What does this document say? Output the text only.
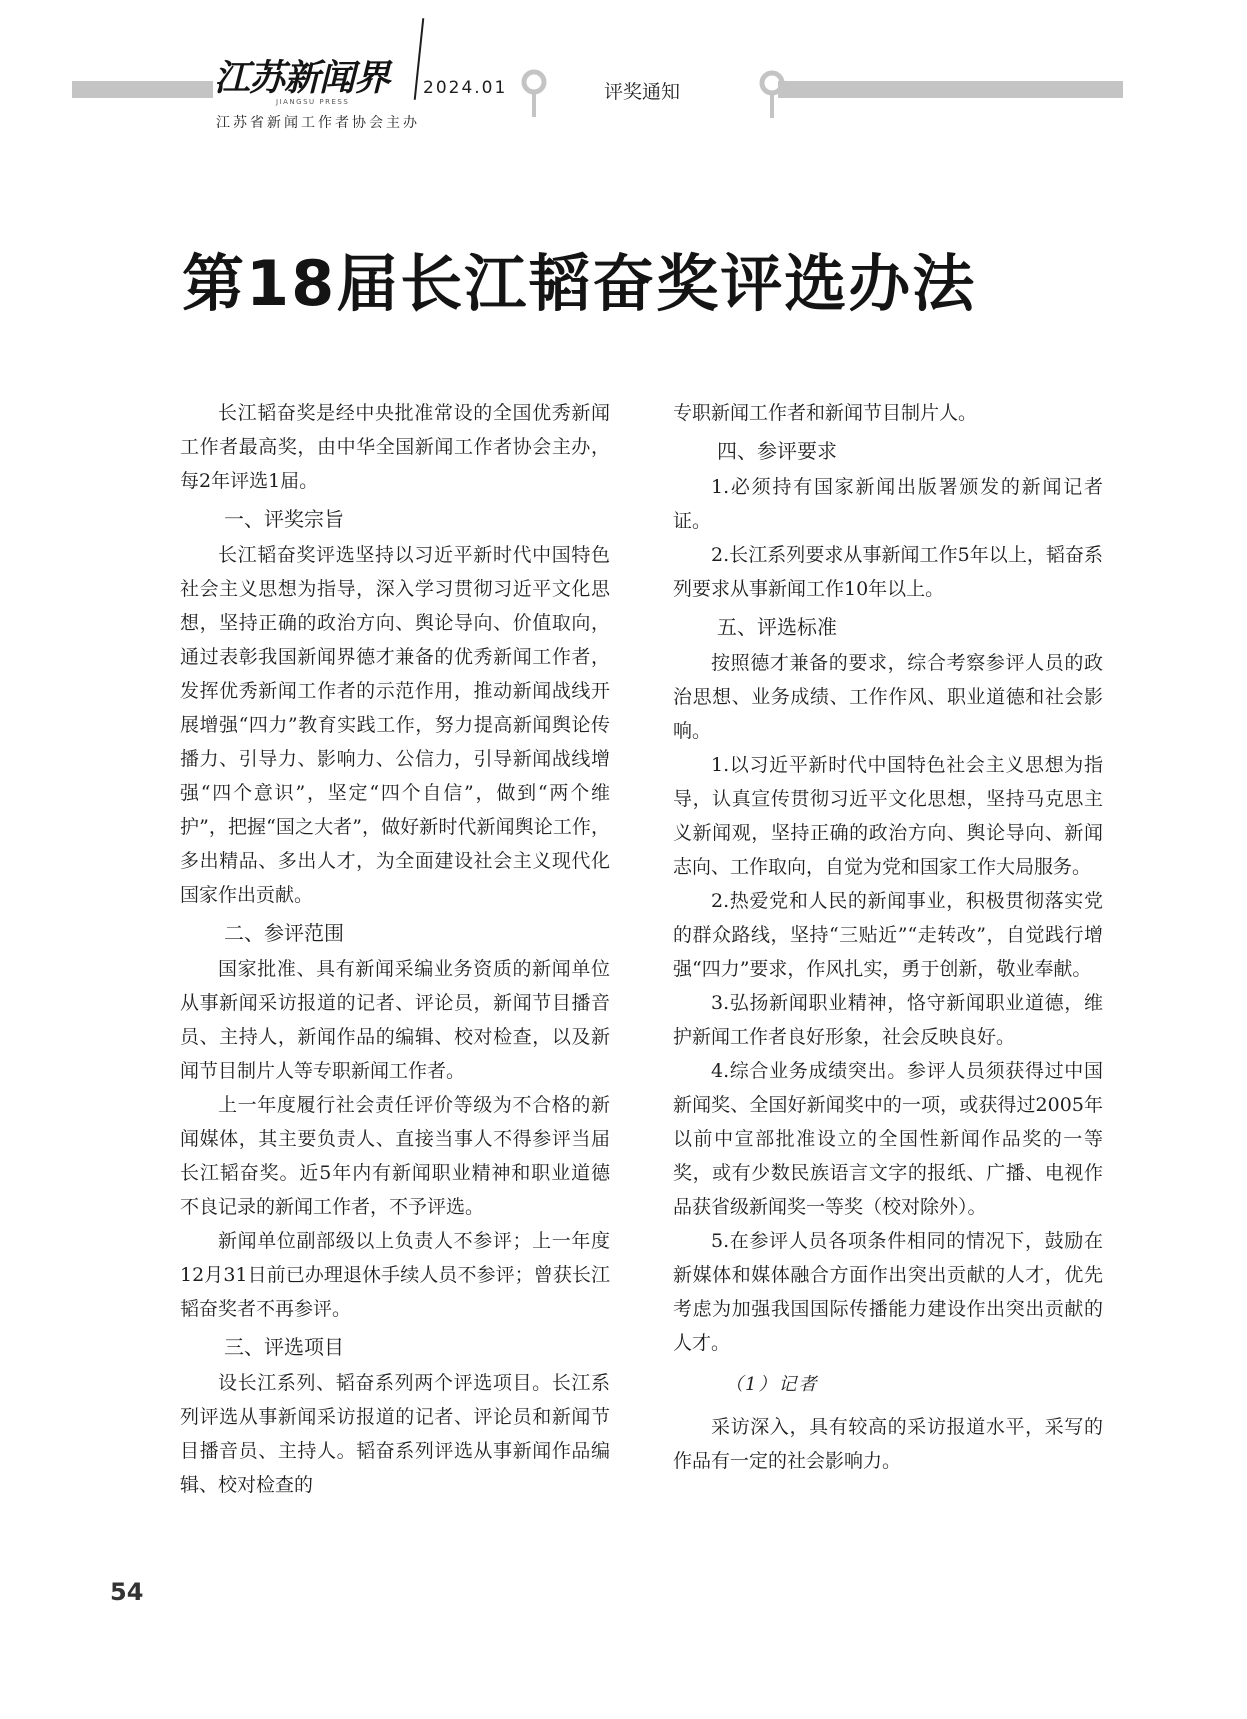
江苏新闻界
JIANGSU PRESS
2024.01
江苏省新闻工作者协会主办
评奖通知
第18届长江韬奋奖评选办法

长江韬奋奖是经中央批准常设的全国优秀新闻工作者最高奖，由中华全国新闻工作者协会主办，每2年评选1届。

一、评奖宗旨

长江韬奋奖评选坚持以习近平新时代中国特色社会主义思想为指导，深入学习贯彻习近平文化思想，坚持正确的政治方向、舆论导向、价值取向，通过表彰我国新闻界德才兼备的优秀新闻工作者，发挥优秀新闻工作者的示范作用，推动新闻战线开展增强“四力”教育实践工作，努力提高新闻舆论传播力、引导力、影响力、公信力，引导新闻战线增强“四个意识”，坚定“四个自信”，做到“两个维护”，把握“国之大者”，做好新时代新闻舆论工作，多出精品、多出人才，为全面建设社会主义现代化国家作出贡献。

二、参评范围

国家批准、具有新闻采编业务资质的新闻单位从事新闻采访报道的记者、评论员，新闻节目播音员、主持人，新闻作品的编辑、校对检查，以及新闻节目制片人等专职新闻工作者。

上一年度履行社会责任评价等级为不合格的新闻媒体，其主要负责人、直接当事人不得参评当届长江韬奋奖。近5年内有新闻职业精神和职业道德不良记录的新闻工作者，不予评选。

新闻单位副部级以上负责人不参评；上一年度12月31日前已办理退休手续人员不参评；曾获长江韬奋奖者不再参评。

三、评选项目

设长江系列、韬奋系列两个评选项目。长江系列评选从事新闻采访报道的记者、评论员和新闻节目播音员、主持人。韬奋系列评选从事新闻作品编辑、校对检查的

专职新闻工作者和新闻节目制片人。

四、参评要求

1.必须持有国家新闻出版署颁发的新闻记者证。

2.长江系列要求从事新闻工作5年以上，韬奋系列要求从事新闻工作10年以上。

五、评选标准

按照德才兼备的要求，综合考察参评人员的政治思想、业务成绩、工作作风、职业道德和社会影响。

1.以习近平新时代中国特色社会主义思想为指导，认真宣传贯彻习近平文化思想，坚持马克思主义新闻观，坚持正确的政治方向、舆论导向、新闻志向、工作取向，自觉为党和国家工作大局服务。

2.热爱党和人民的新闻事业，积极贯彻落实党的群众路线，坚持“三贴近”“走转改”，自觉践行增强“四力”要求，作风扎实，勇于创新，敬业奉献。

3.弘扬新闻职业精神，恪守新闻职业道德，维护新闻工作者良好形象，社会反映良好。

4.综合业务成绩突出。参评人员须获得过中国新闻奖、全国好新闻奖中的一项，或获得过2005年以前中宣部批准设立的全国性新闻作品奖的一等奖，或有少数民族语言文字的报纸、广播、电视作品获省级新闻奖一等奖（校对除外）。

5.在参评人员各项条件相同的情况下，鼓励在新媒体和媒体融合方面作出突出贡献的人才，优先考虑为加强我国国际传播能力建设作出突出贡献的人才。

（1）记者

采访深入，具有较高的采访报道水平，采写的作品有一定的社会影响力。

54
